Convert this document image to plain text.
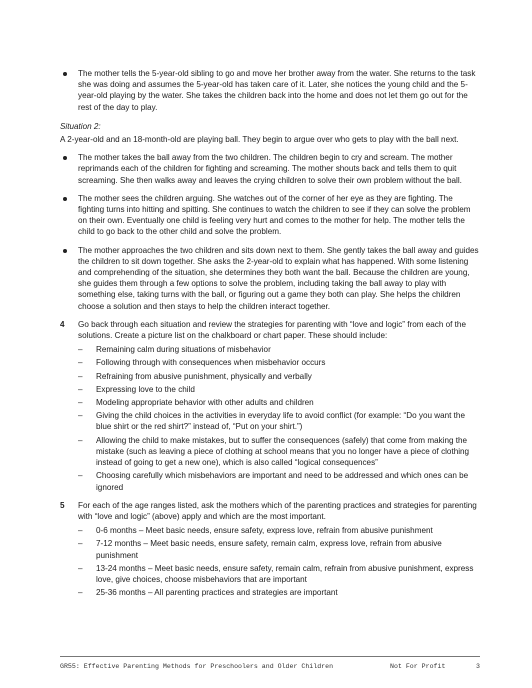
The mother tells the 5-year-old sibling to go and move her brother away from the water. She returns to the task she was doing and assumes the 5-year-old has taken care of it. Later, she notices the young child and the 5-year-old playing by the water. She takes the children back into the home and does not let them go out for the rest of the day to play.
Situation 2:

A 2-year-old and an 18-month-old are playing ball. They begin to argue over who gets to play with the ball next.

The mother takes the ball away from the two children. The children begin to cry and scream. The mother reprimands each of the children for fighting and screaming. The mother shouts back and tells them to quit screaming. She then walks away and leaves the crying children to solve their own problem without the ball.
The mother sees the children arguing. She watches out of the corner of her eye as they are fighting. The fighting turns into hitting and spitting. She continues to watch the children to see if they can solve the problem on their own. Eventually one child is feeling very hurt and comes to the mother for help. The mother tells the child to go back to the other child and solve the problem.
The mother approaches the two children and sits down next to them. She gently takes the ball away and guides the children to sit down together. She asks the 2-year-old to explain what has happened. With some listening and comprehending of the situation, she determines they both want the ball. Because the children are young, she guides them through a few options to solve the problem, including taking the ball away to play with something else, taking turns with the ball, or figuring out a game they both can play. She helps the children choose a solution and then stays to help the children interact together.
4 Go back through each situation and review the strategies for parenting with “love and logic” from each of the solutions. Create a picture list on the chalkboard or chart paper. These should include:
– Remaining calm during situations of misbehavior
– Following through with consequences when misbehavior occurs
– Refraining from abusive punishment, physically and verbally
– Expressing love to the child
– Modeling appropriate behavior with other adults and children
– Giving the child choices in the activities in everyday life to avoid conflict (for example: “Do you want the blue shirt or the red shirt?” instead of, “Put on your shirt.”)
– Allowing the child to make mistakes, but to suffer the consequences (safely) that come from making the mistake (such as leaving a piece of clothing at school means that you no longer have a piece of clothing instead of going to get a new one), which is also called “logical consequences”
– Choosing carefully which misbehaviors are important and need to be addressed and which ones can be ignored
5 For each of the age ranges listed, ask the mothers which of the parenting practices and strategies for parenting with “love and logic” (above) apply and which are the most important.
– 0-6 months – Meet basic needs, ensure safety, express love, refrain from abusive punishment
– 7-12 months – Meet basic needs, ensure safety, remain calm, express love, refrain from abusive punishment
– 13-24 months – Meet basic needs, ensure safety, remain calm, refrain from abusive punishment, express love, give choices, choose misbehaviors that are important
– 25-36 months – All parenting practices and strategies are important
GR55: Effective Parenting Methods for Preschoolers and Older Children	Not For Profit	3
